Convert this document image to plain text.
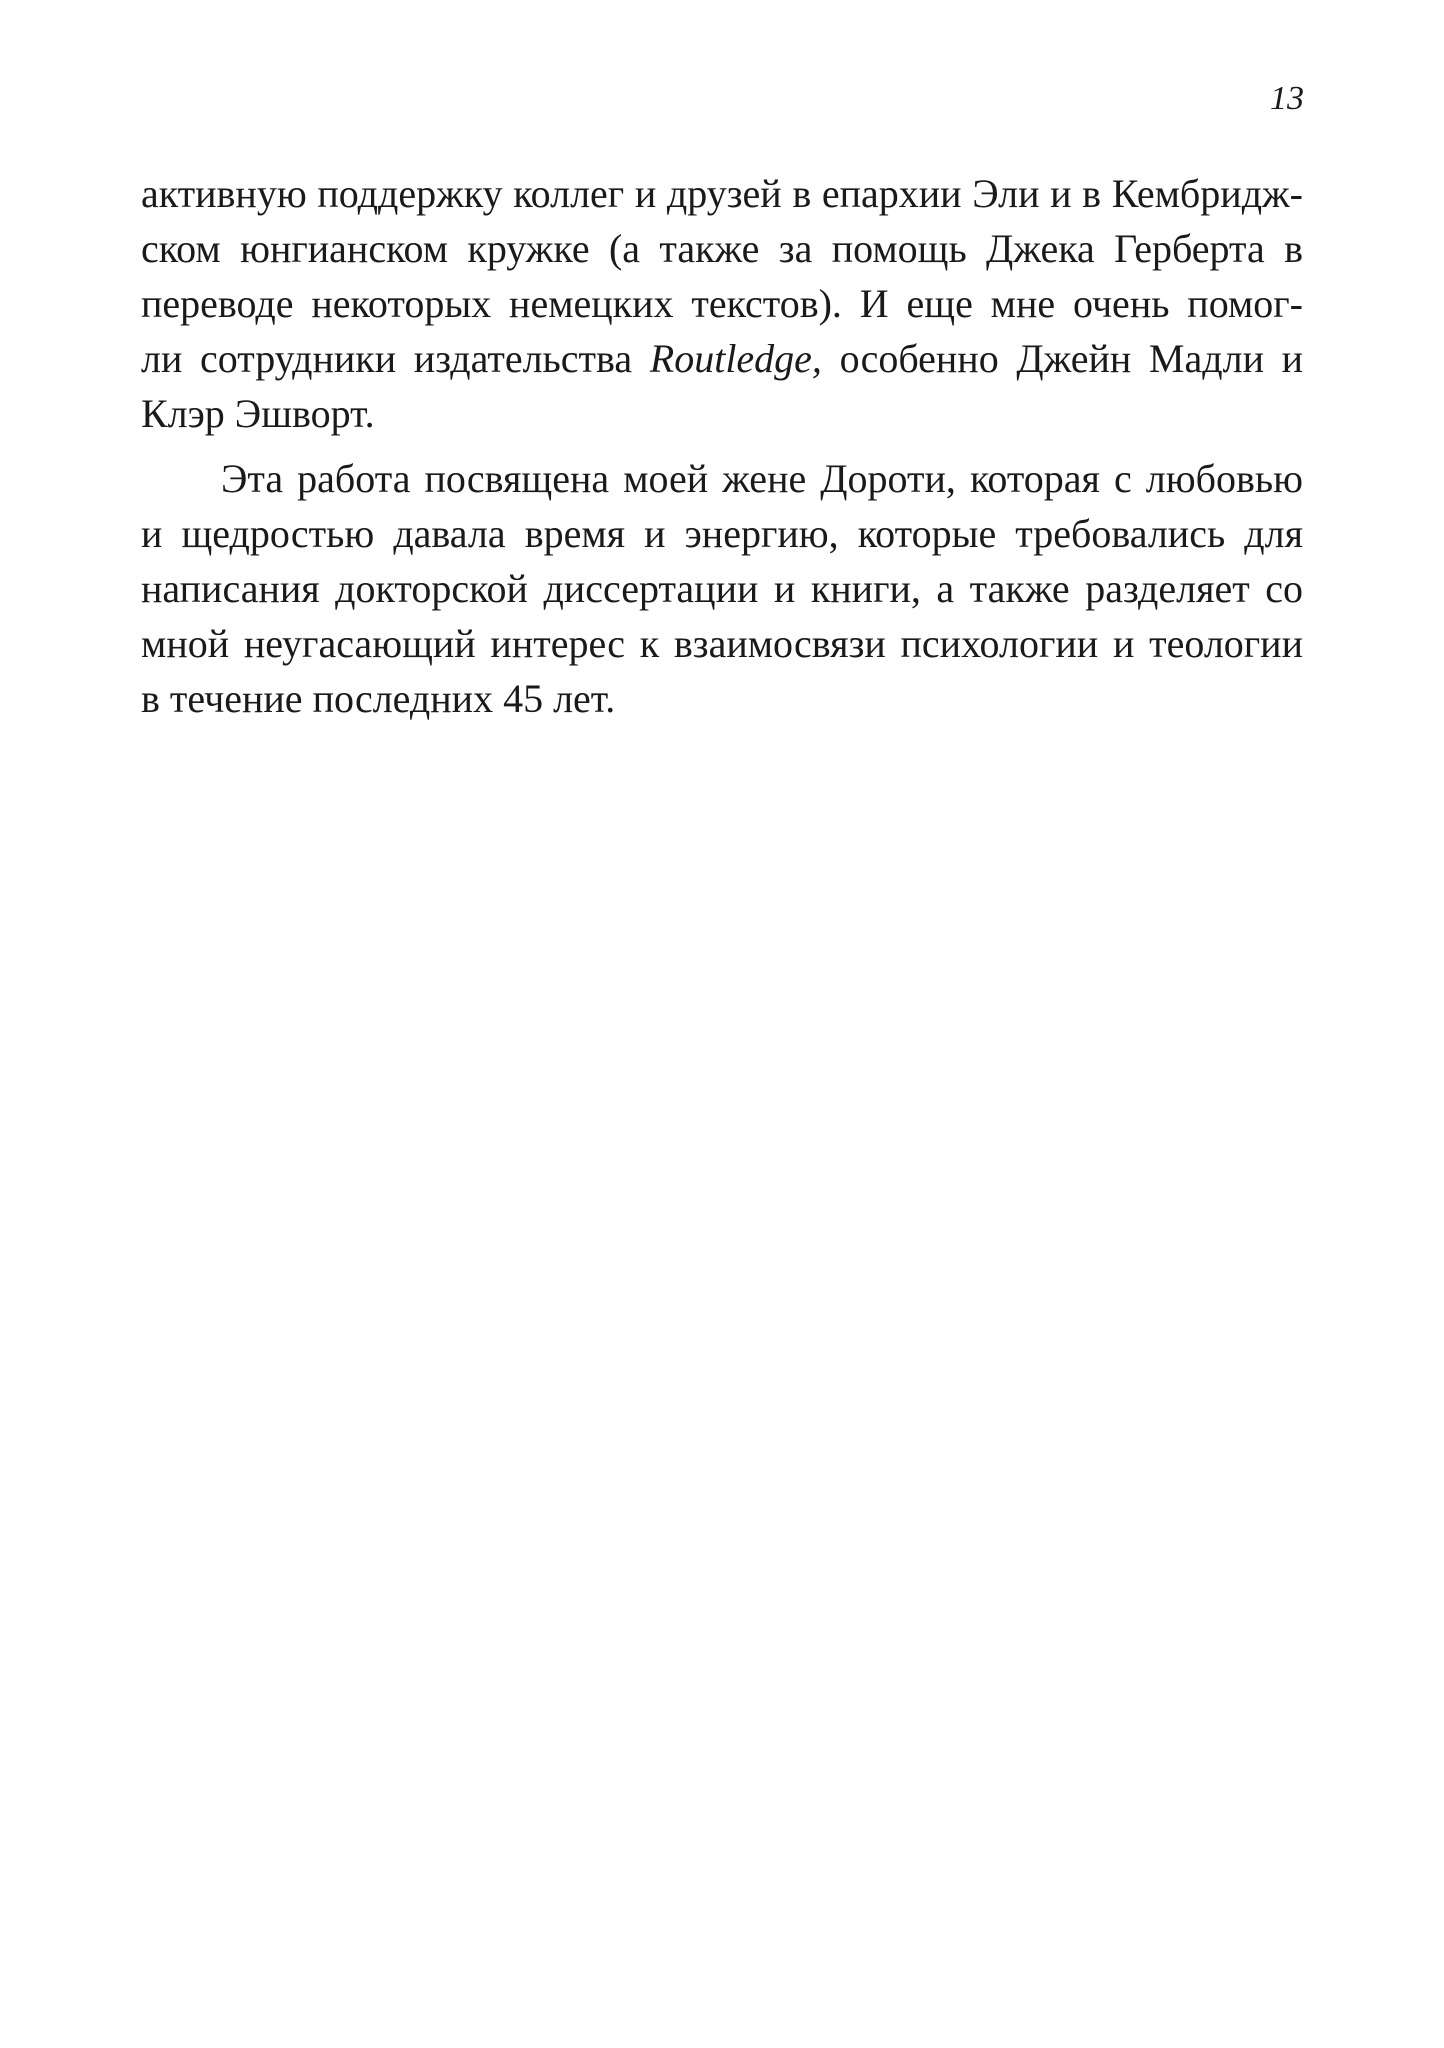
13
активную поддержку коллег и друзей в епархии Эли и в Кембридж-
ском юнгианском кружке (а также за помощь Джека Герберта в
переводе некоторых немецких текстов). И еще мне очень помог-
ли сотрудники издательства Routledge, особенно Джейн Мадли и
Клэр Эшворт.
Эта работа посвящена моей жене Дороти, которая с любовью
и щедростью давала время и энергию, которые требовались для
написания докторской диссертации и книги, а также разделяет со
мной неугасающий интерес к взаимосвязи психологии и теологии
в течение последних 45 лет.
